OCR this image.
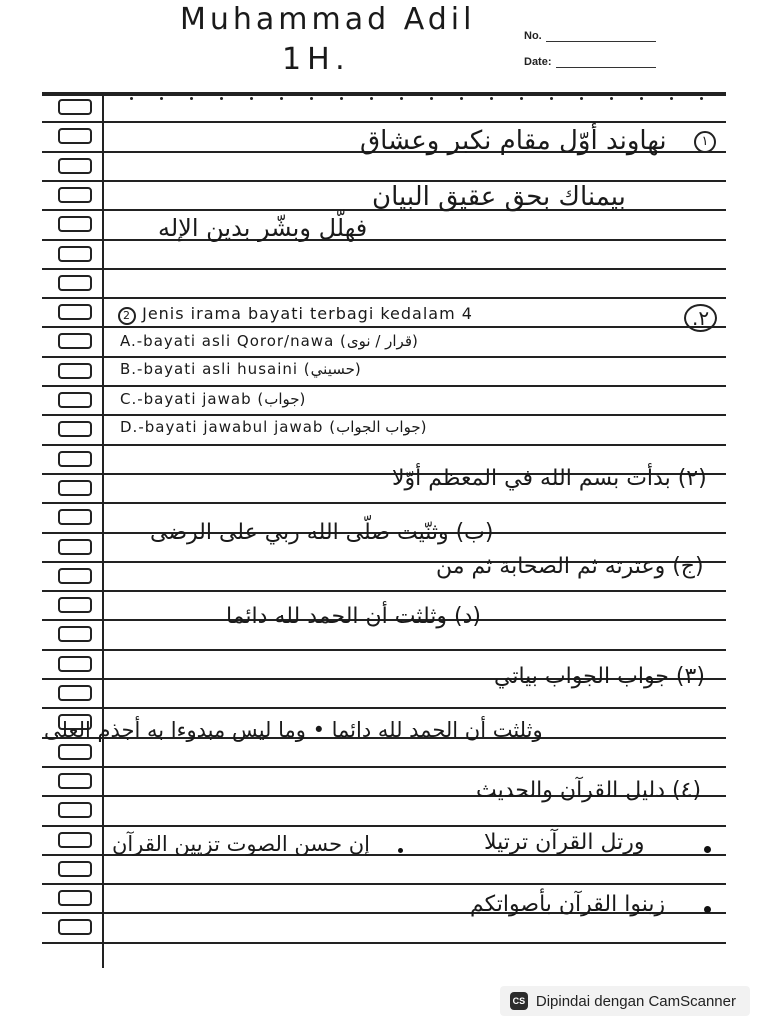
Muhammad Adil
1H.
No.
Date:
١
نهاوند أوّل مقام نكبر وعشاق
بيمناك بحق عقيق البيان
فهلّل وبشّر بدين الإله
٢.
2 Jenis irama bayati terbagi kedalam 4
A.-bayati asli Qoror/nawa (قرار / نوى)
B.-bayati asli husaini (حسيني)
C.-bayati jawab (جواب)
D.-bayati jawabul jawab (جواب الجواب)
(٢) بدأت بسم الله في المعظم أوّلا
(ب) وثنّيت صلّى الله ربي على الرضى
(ج) وعترته ثم الصحابة ثم من
(د) وثلثت أن الحمد لله دائما
(٣) جواب الجواب بياتي
وثلثت أن الحمد لله دائما • وما ليس مبدوءا به أجذم العلى
(٤) دليل القرآن والحديث
ورتل القرآن ترتيلا
إن حسن الصوت تزيين القرآن
زينوا القرآن بأصواتكم
CS Dipindai dengan CamScanner
